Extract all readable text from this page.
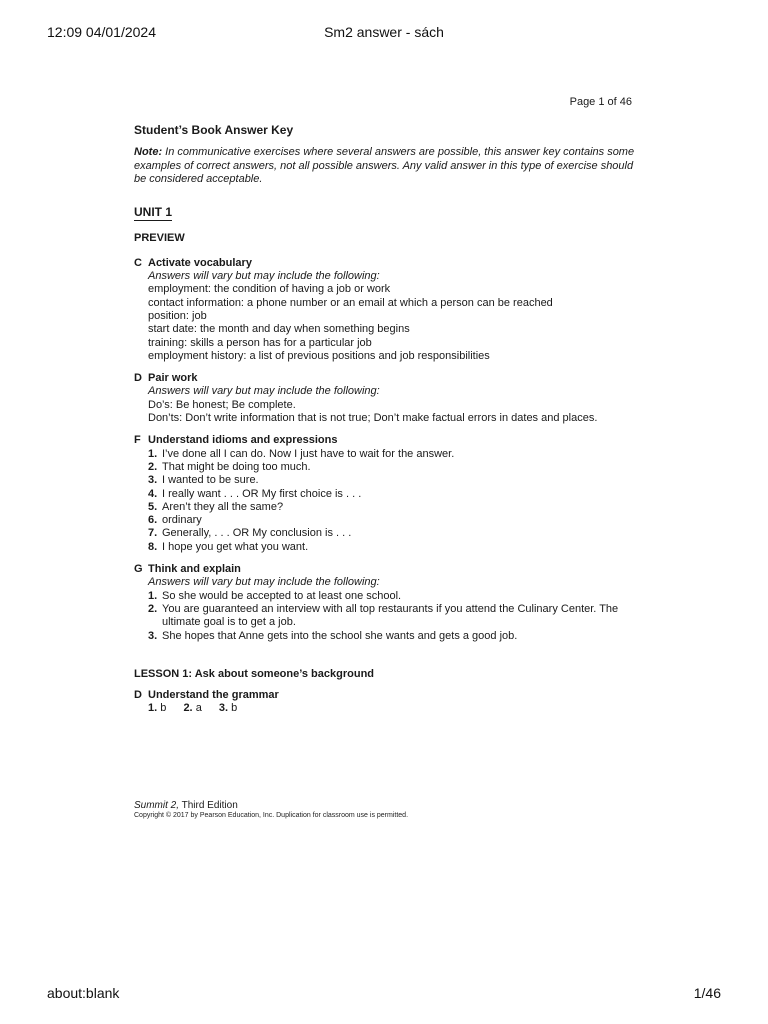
12:09 04/01/2024	Sm2 answer - sách
Page 1 of 46
Student’s Book Answer Key
Note: In communicative exercises where several answers are possible, this answer key contains some examples of correct answers, not all possible answers. Any valid answer in this type of exercise should be considered acceptable.
UNIT 1
PREVIEW
C Activate vocabulary
Answers will vary but may include the following:
employment: the condition of having a job or work
contact information: a phone number or an email at which a person can be reached
position: job
start date: the month and day when something begins
training: skills a person has for a particular job
employment history: a list of previous positions and job responsibilities
D Pair work
Answers will vary but may include the following:
Do’s: Be honest; Be complete.
Don’ts: Don’t write information that is not true; Don’t make factual errors in dates and places.
F Understand idioms and expressions
1. I’ve done all I can do. Now I just have to wait for the answer.
2. That might be doing too much.
3. I wanted to be sure.
4. I really want . . . OR My first choice is . . .
5. Aren’t they all the same?
6. ordinary
7. Generally, . . . OR My conclusion is . . .
8. I hope you get what you want.
G Think and explain
Answers will vary but may include the following:
1. So she would be accepted to at least one school.
2. You are guaranteed an interview with all top restaurants if you attend the Culinary Center. The ultimate goal is to get a job.
3. She hopes that Anne gets into the school she wants and gets a good job.
LESSON 1: Ask about someone’s background
D Understand the grammar
1. b 2. a 3. b
Summit 2, Third Edition
Copyright © 2017 by Pearson Education, Inc. Duplication for classroom use is permitted.
about:blank	1/46
